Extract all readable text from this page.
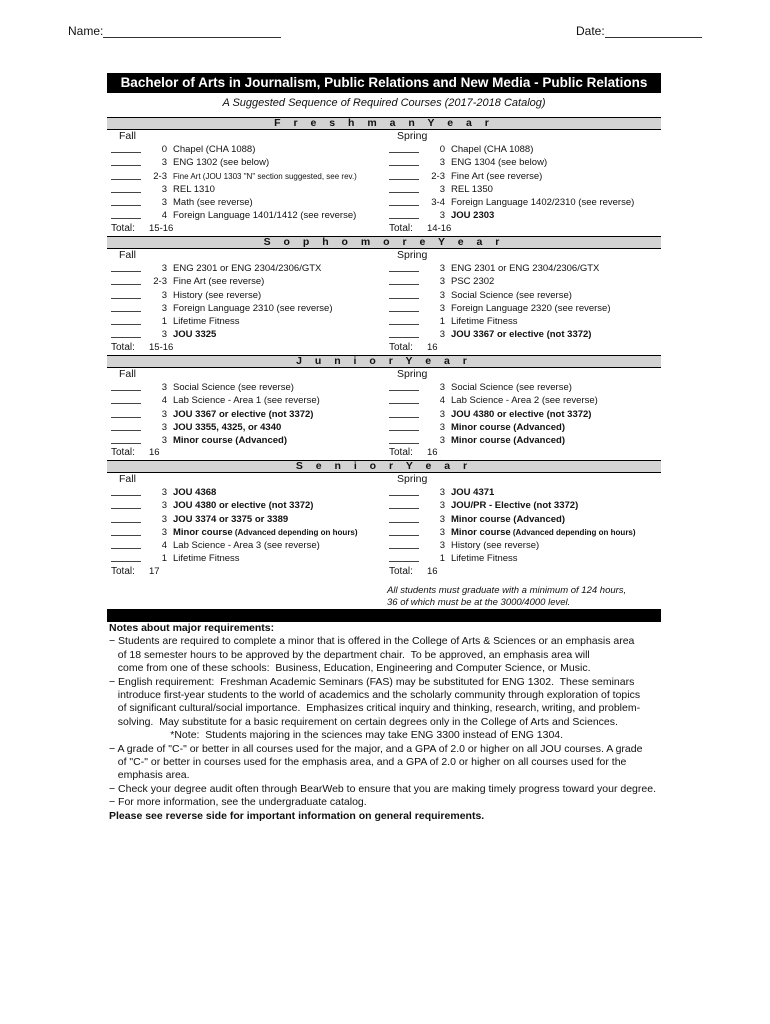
Name:	Date:
Bachelor of Arts in Journalism, Public Relations and New Media - Public Relations
A Suggested Sequence of Required Courses (2017-2018 Catalog)
F r e s h m a n Y e a r
Fall
0 Chapel (CHA 1088)
3 ENG 1302 (see below)
2-3 Fine Art (JOU 1303 "N" section suggested, see rev.)
3 REL 1310
3 Math (see reverse)
4 Foreign Language 1401/1412 (see reverse)
Total: 15-16
Spring
0 Chapel (CHA 1088)
3 ENG 1304 (see below)
2-3 Fine Art (see reverse)
3 REL 1350
3-4 Foreign Language 1402/2310 (see reverse)
3 JOU 2303
Total: 14-16
S o p h o m o r e Y e a r
Fall
3 ENG 2301 or ENG 2304/2306/GTX
2-3 Fine Art (see reverse)
3 History (see reverse)
3 Foreign Language 2310 (see reverse)
1 Lifetime Fitness
3 JOU 3325
Total: 15-16
Spring
3 ENG 2301 or ENG 2304/2306/GTX
3 PSC 2302
3 Social Science (see reverse)
3 Foreign Language 2320 (see reverse)
1 Lifetime Fitness
3 JOU 3367 or elective (not 3372)
Total: 16
J u n i o r Y e a r
Fall
3 Social Science (see reverse)
4 Lab Science - Area 1 (see reverse)
3 JOU 3367 or elective (not 3372)
3 JOU 3355, 4325, or 4340
3 Minor course (Advanced)
Total: 16
Spring
3 Social Science (see reverse)
4 Lab Science - Area 2 (see reverse)
3 JOU 4380 or elective (not 3372)
3 Minor course (Advanced)
3 Minor course (Advanced)
Total: 16
S e n i o r Y e a r
Fall
3 JOU 4368
3 JOU 4380 or elective (not 3372)
3 JOU 3374 or 3375 or 3389
3 Minor course (Advanced depending on hours)
4 Lab Science - Area 3 (see reverse)
1 Lifetime Fitness
Total: 17
Spring
3 JOU 4371
3 JOU/PR - Elective (not 3372)
3 Minor course (Advanced)
3 Minor course (Advanced depending on hours)
3 History (see reverse)
1 Lifetime Fitness
Total: 16
All students must graduate with a minimum of 124 hours,
36 of which must be at the 3000/4000 level.
Notes about major requirements:
− Students are required to complete a minor that is offered in the College of Arts & Sciences or an emphasis area
of 18 semester hours to be approved by the department chair.  To be approved, an emphasis area will
come from one of these schools:  Business, Education, Engineering and Computer Science, or Music.
− English requirement:  Freshman Academic Seminars (FAS) may be substituted for ENG 1302.  These seminars
introduce first-year students to the world of academics and the scholarly community through exploration of topics
of significant cultural/social importance.  Emphasizes critical inquiry and thinking, research, writing, and problem-
solving.  May substitute for a basic requirement on certain degrees only in the College of Arts and Sciences.
*Note:  Students majoring in the sciences may take ENG 3300 instead of ENG 1304.
− A grade of "C-" or better in all courses used for the major, and a GPA of 2.0 or higher on all JOU courses. A grade
of "C-" or better in courses used for the emphasis area, and a GPA of 2.0 or higher on all courses used for the
emphasis area.
− Check your degree audit often through BearWeb to ensure that you are making timely progress toward your degree.
− For more information, see the undergraduate catalog.
Please see reverse side for important information on general requirements.
